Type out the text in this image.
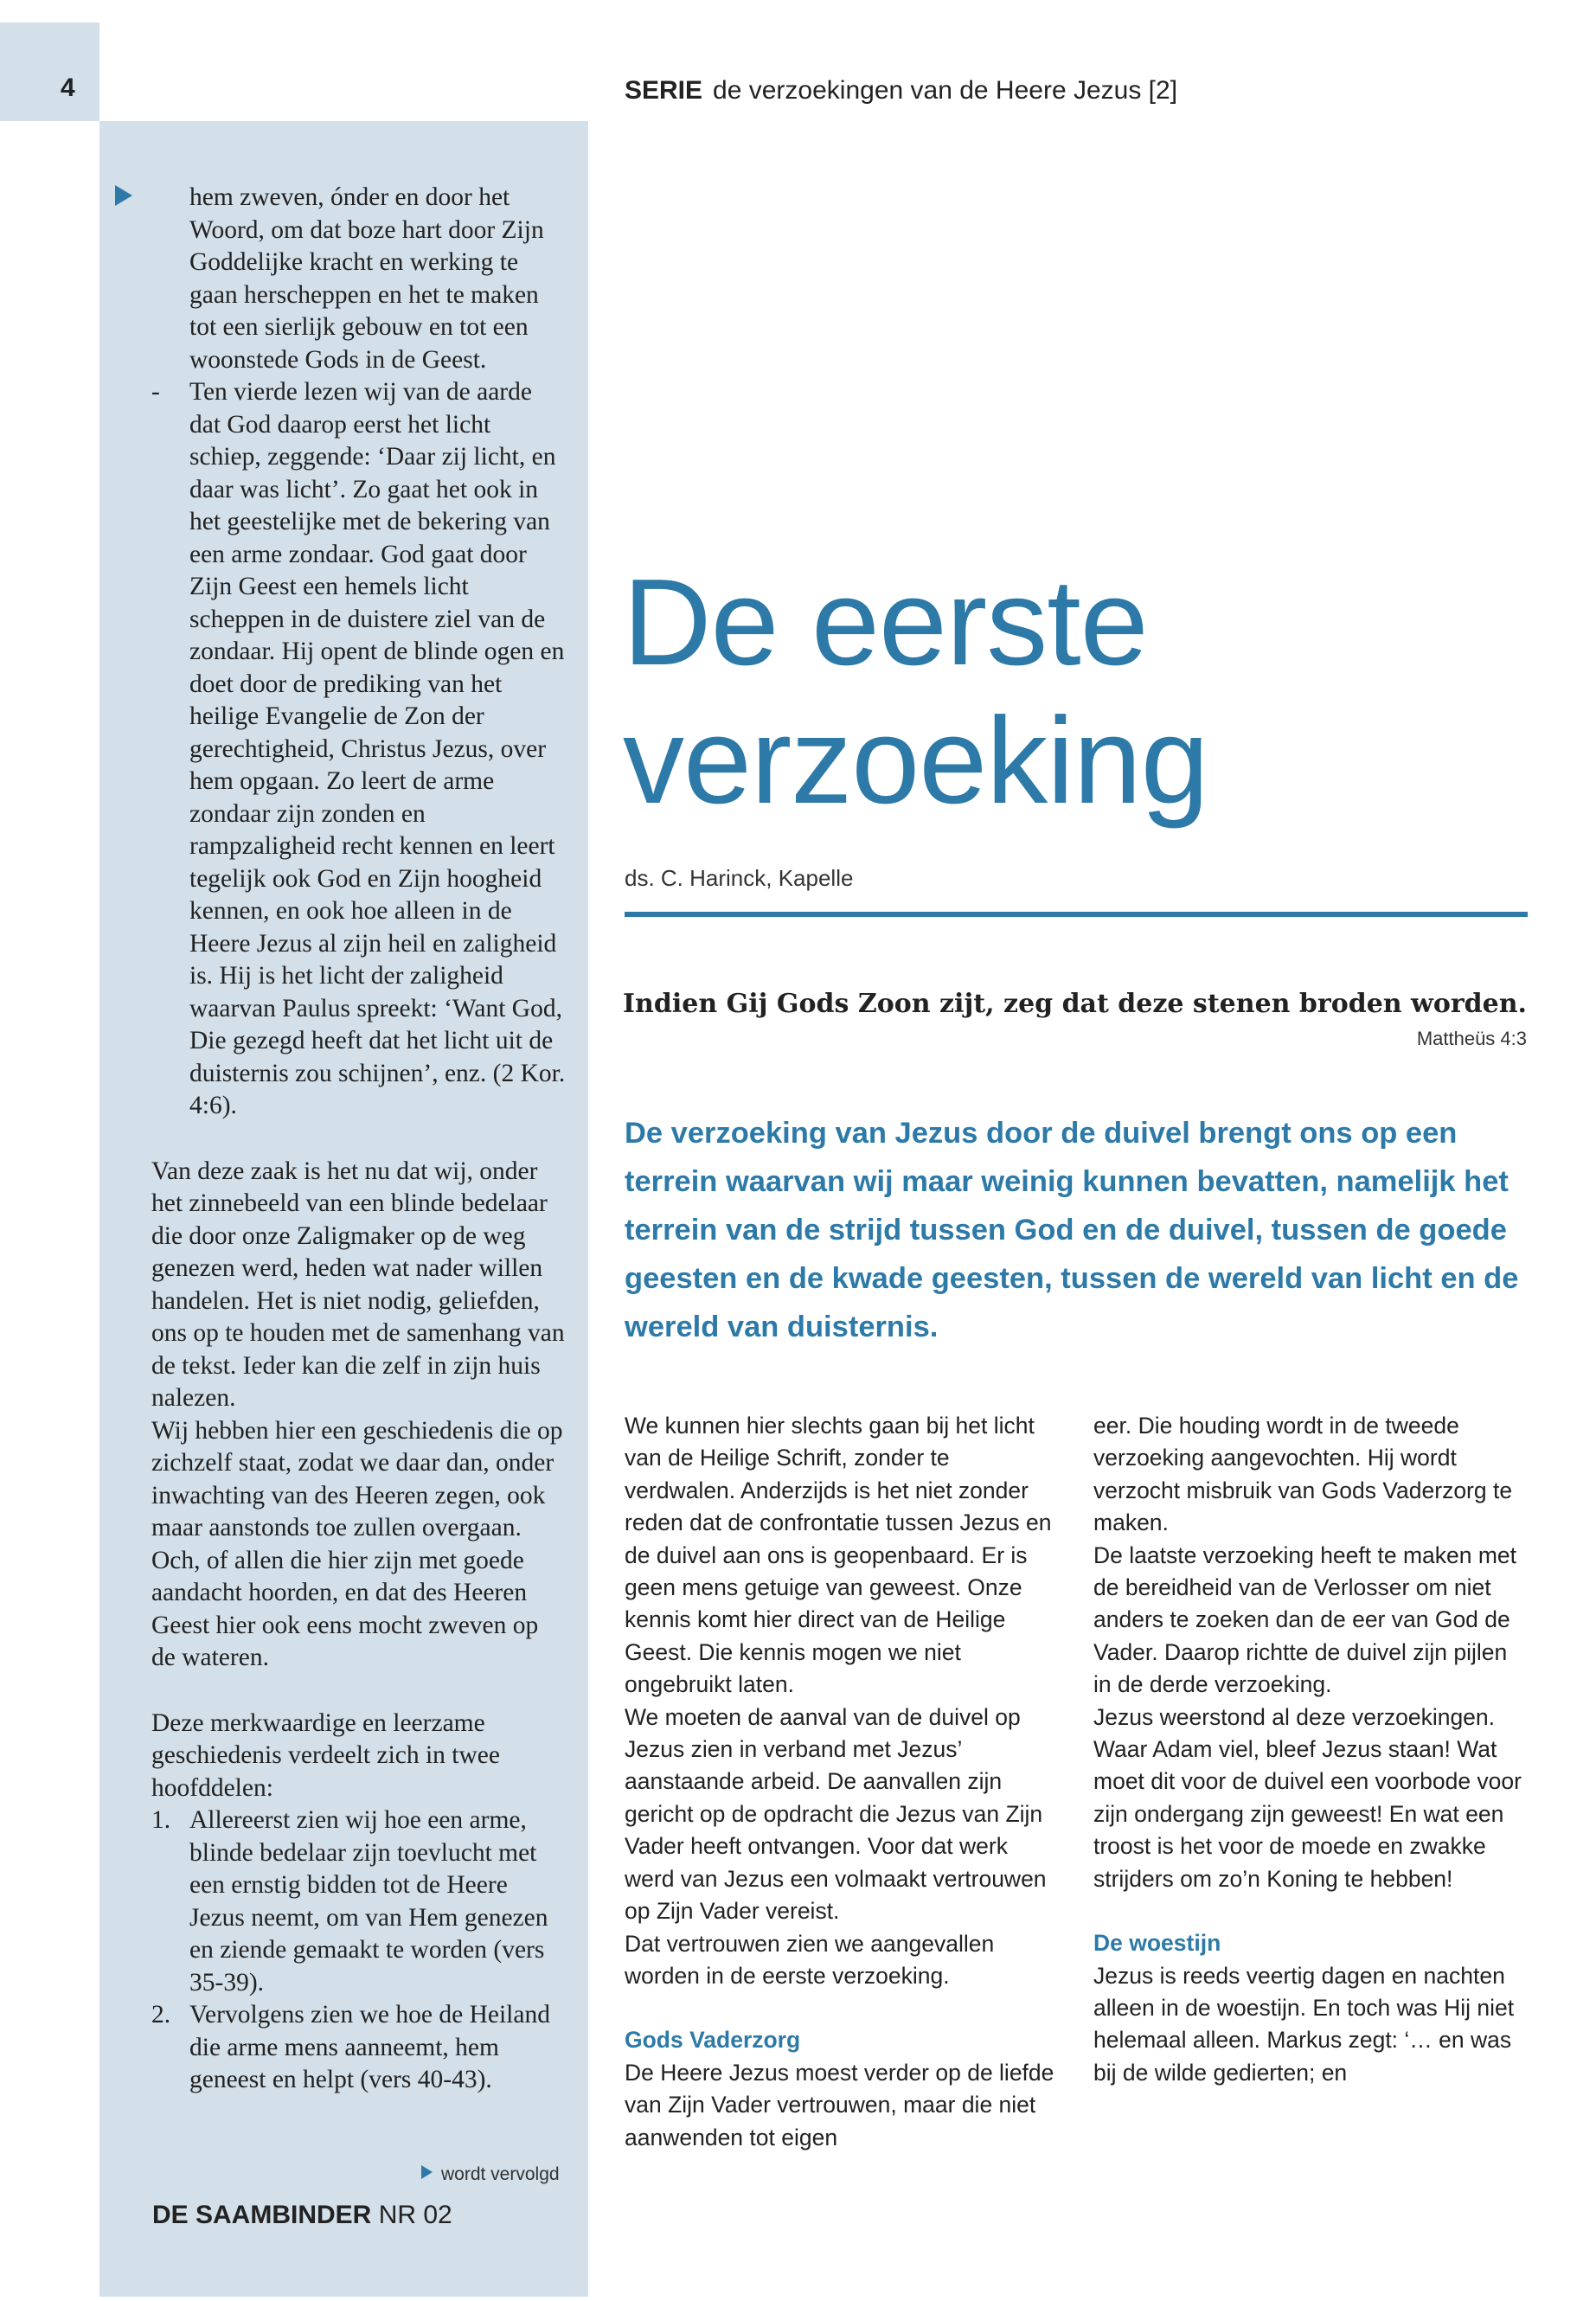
4
hem zweven, ónder en door het Woord, om dat boze hart door Zijn Goddelijke kracht en werking te gaan herscheppen en het te maken tot een sierlijk gebouw en tot een woonstede Gods in de Geest.
- Ten vierde lezen wij van de aarde dat God daarop eerst het licht schiep, zeggende: ‘Daar zij licht, en daar was licht’. Zo gaat het ook in het geestelijke met de bekering van een arme zondaar. God gaat door Zijn Geest een hemels licht scheppen in de duistere ziel van de zondaar. Hij opent de blinde ogen en doet door de prediking van het heilige Evangelie de Zon der gerechtigheid, Christus Jezus, over hem opgaan. Zo leert de arme zondaar zijn zonden en rampzaligheid recht kennen en leert tegelijk ook God en Zijn hoogheid kennen, en ook hoe alleen in de Heere Jezus al zijn heil en zaligheid is. Hij is het licht der zaligheid waarvan Paulus spreekt: ‘Want God, Die gezegd heeft dat het licht uit de duisternis zou schijnen’, enz. (2 Kor. 4:6).

Van deze zaak is het nu dat wij, onder het zinnebeeld van een blinde bedelaar die door onze Zaligmaker op de weg genezen werd, heden wat nader willen handelen. Het is niet nodig, geliefden, ons op te houden met de samenhang van de tekst. Ieder kan die zelf in zijn huis nalezen.

Wij hebben hier een geschiedenis die op zichzelf staat, zodat we daar dan, onder inwachting van des Heeren zegen, ook maar aanstonds toe zullen overgaan. Och, of allen die hier zijn met goede aandacht hoorden, en dat des Heeren Geest hier ook eens mocht zweven op de wateren.

Deze merkwaardige en leerzame geschiedenis verdeelt zich in twee hoofddelen:

1. Allereerst zien wij hoe een arme, blinde bedelaar zijn toevlucht met een ernstig bidden tot de Heere Jezus neemt, om van Hem genezen en ziende gemaakt te worden (vers 35-39).
2. Vervolgens zien we hoe de Heiland die arme mens aanneemt, hem geneest en helpt (vers 40-43).
wordt vervolgd
DE SAAMBINDER NR 02
SERIE de verzoekingen van de Heere Jezus [2]
De eerste
verzoeking
ds. C. Harinck, Kapelle
Indien Gij Gods Zoon zijt, zeg dat deze stenen broden worden.
Mattheüs 4:3

De verzoeking van Jezus door de duivel brengt ons op een terrein waarvan wij maar weinig kunnen bevatten, namelijk het terrein van de strijd tussen God en de duivel, tussen de goede geesten en de kwade geesten, tussen de wereld van licht en de wereld van duisternis.

We kunnen hier slechts gaan bij het licht van de Heilige Schrift, zonder te verdwalen. Anderzijds is het niet zonder reden dat de confrontatie tussen Jezus en de duivel aan ons is geopenbaard. Er is geen mens getuige van geweest. Onze kennis komt hier direct van de Heilige Geest. Die kennis mogen we niet ongebruikt laten.

We moeten de aanval van de duivel op Jezus zien in verband met Jezus’ aanstaande arbeid. De aanvallen zijn gericht op de opdracht die Jezus van Zijn Vader heeft ontvangen. Voor dat werk werd van Jezus een volmaakt vertrouwen op Zijn Vader vereist.

Dat vertrouwen zien we aangevallen worden in de eerste verzoeking.

Gods Vaderzorg

De Heere Jezus moest verder op de liefde van Zijn Vader vertrouwen, maar die niet aanwenden tot eigen

eer. Die houding wordt in de tweede verzoeking aangevochten. Hij wordt verzocht misbruik van Gods Vaderzorg te maken.

De laatste verzoeking heeft te maken met de bereidheid van de Verlosser om niet anders te zoeken dan de eer van God de Vader. Daarop richtte de duivel zijn pijlen in de derde verzoeking.

Jezus weerstond al deze verzoekingen. Waar Adam viel, bleef Jezus staan! Wat moet dit voor de duivel een voorbode voor zijn ondergang zijn geweest! En wat een troost is het voor de moede en zwakke strijders om zo’n Koning te hebben!

De woestijn

Jezus is reeds veertig dagen en nachten alleen in de woestijn. En toch was Hij niet helemaal alleen. Markus zegt: ‘… en was bij de wilde gedierten; en
